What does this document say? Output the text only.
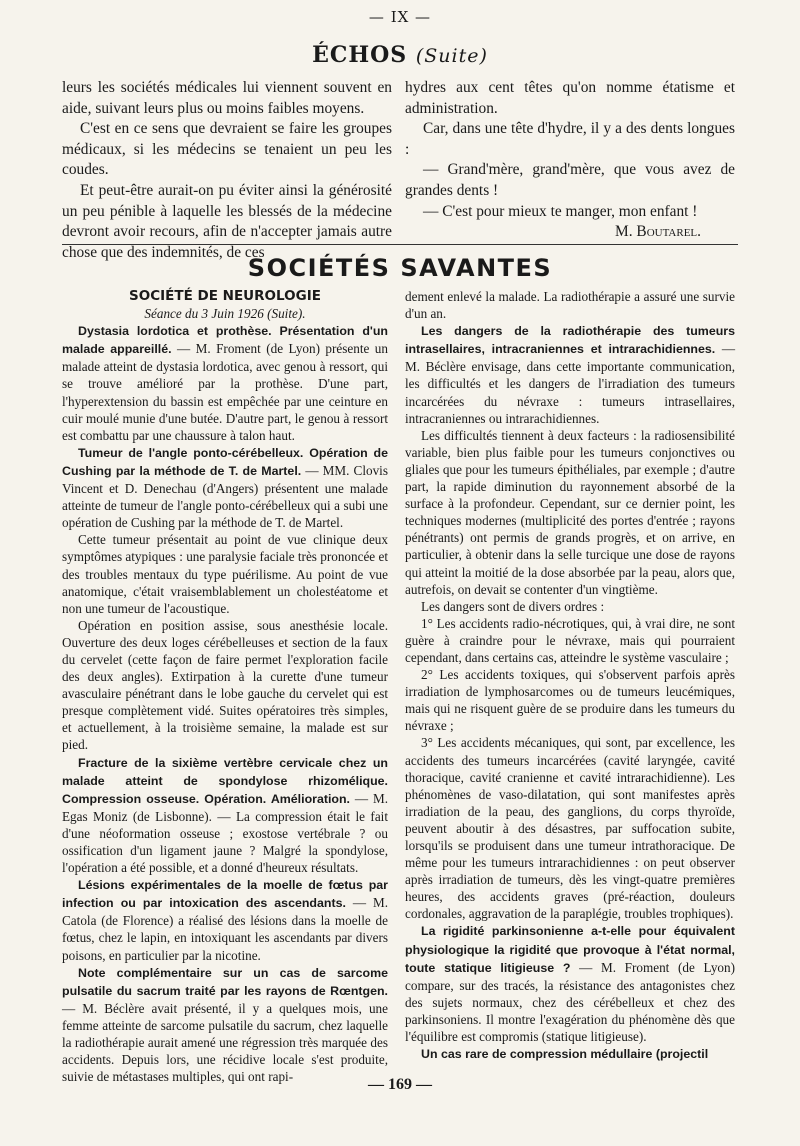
— IX —
ÉCHOS (Suite)

leurs les sociétés médicales lui viennent souvent en aide, suivant leurs plus ou moins faibles moyens.

C'est en ce sens que devraient se faire les groupes médicaux, si les médecins se tenaient un peu les coudes.

Et peut-être aurait-on pu éviter ainsi la générosité un peu pénible à laquelle les blessés de la médecine devront avoir recours, afin de n'accepter jamais autre chose que des indemnités, de ces

hydres aux cent têtes qu'on nomme étatisme et administration.

Car, dans une tête d'hydre, il y a des dents longues :

— Grand'mère, grand'mère, que vous avez de grandes dents !

— C'est pour mieux te manger, mon enfant !

M. Boutarel.

SOCIÉTÉS SAVANTES

SOCIÉTÉ DE NEUROLOGIE

Séance du 3 Juin 1926 (Suite).

Dystasia lordotica et prothèse. Présentation d'un malade appareillé. — M. Froment (de Lyon) présente un malade atteint de dystasia lordotica, avec genou à ressort, qui se trouve amélioré par la prothèse. D'une part, l'hyperextension du bassin est empêchée par une ceinture en cuir moulé munie d'une butée. D'autre part, le genou à ressort est combattu par une chaussure à talon haut.

Tumeur de l'angle ponto-cérébelleux. Opération de Cushing par la méthode de T. de Martel. — MM. Clovis Vincent et D. Denechau (d'Angers) présentent une malade atteinte de tumeur de l'angle ponto-cérébelleux qui a subi une opération de Cushing par la méthode de T. de Martel.

Cette tumeur présentait au point de vue clinique deux symptômes atypiques : une paralysie faciale très prononcée et des troubles mentaux du type puérilisme. Au point de vue anatomique, c'était vraisemblablement un cholestéatome et non une tumeur de l'acoustique.

Opération en position assise, sous anesthésie locale. Ouverture des deux loges cérébelleuses et section de la faux du cervelet (cette façon de faire permet l'exploration facile des deux angles). Extirpation à la curette d'une tumeur avasculaire pénétrant dans le lobe gauche du cervelet qui est presque complètement vidé. Suites opératoires très simples, et actuellement, à la troisième semaine, la malade est sur pied.

Fracture de la sixième vertèbre cervicale chez un malade atteint de spondylose rhizomélique. Compression osseuse. Opération. Amélioration. — M. Egas Moniz (de Lisbonne). — La compression était le fait d'une néoformation osseuse ; exostose vertébrale ? ou ossification d'un ligament jaune ? Malgré la spondylose, l'opération a été possible, et a donné d'heureux résultats.

Lésions expérimentales de la moelle de fœtus par infection ou par intoxication des ascendants. — M. Catola (de Florence) a réalisé des lésions dans la moelle de fœtus, chez le lapin, en intoxiquant les ascendants par divers poisons, en particulier par la nicotine.

Note complémentaire sur un cas de sarcome pulsatile du sacrum traité par les rayons de Rœntgen. — M. Béclère avait présenté, il y a quelques mois, une femme atteinte de sarcome pulsatile du sacrum, chez laquelle la radiothérapie aurait amené une régression très marquée des accidents. Depuis lors, une récidive locale s'est produite, suivie de métastases multiples, qui ont rapi-

dement enlevé la malade. La radiothérapie a assuré une survie d'un an.

Les dangers de la radiothérapie des tumeurs intrasellaires, intracraniennes et intrarachidiennes. — M. Béclère envisage, dans cette importante communication, les difficultés et les dangers de l'irradiation des tumeurs incarcérées du névraxe : tumeurs intrasellaires, intracraniennes ou intrarachidiennes.

Les difficultés tiennent à deux facteurs : la radiosensibilité variable, bien plus faible pour les tumeurs conjonctives ou gliales que pour les tumeurs épithéliales, par exemple ; d'autre part, la rapide diminution du rayonnement absorbé de la surface à la profondeur. Cependant, sur ce dernier point, les techniques modernes (multiplicité des portes d'entrée ; rayons pénétrants) ont permis de grands progrès, et on arrive, en particulier, à obtenir dans la selle turcique une dose de rayons qui atteint la moitié de la dose absorbée par la peau, alors que, autrefois, on devait se contenter d'un vingtième.

Les dangers sont de divers ordres :

1° Les accidents radio-nécrotiques, qui, à vrai dire, ne sont guère à craindre pour le névraxe, mais qui pourraient cependant, dans certains cas, atteindre le système vasculaire ;

2° Les accidents toxiques, qui s'observent parfois après irradiation de lymphosarcomes ou de tumeurs leucémiques, mais qui ne risquent guère de se produire dans les tumeurs du névraxe ;

3° Les accidents mécaniques, qui sont, par excellence, les accidents des tumeurs incarcérées (cavité laryngée, cavité thoracique, cavité cranienne et cavité intrarachidienne). Les phénomènes de vaso-dilatation, qui sont manifestes après irradiation de la peau, des ganglions, du corps thyroïde, peuvent aboutir à des désastres, par suffocation subite, lorsqu'ils se produisent dans une tumeur intrathoracique. De même pour les tumeurs intrarachidiennes : on peut observer après irradiation de tumeurs, dès les vingt-quatre premières heures, des accidents graves (pré-réaction, douleurs cordonales, aggravation de la paraplégie, troubles trophiques).

La rigidité parkinsonienne a-t-elle pour équivalent physiologique la rigidité que provoque à l'état normal, toute statique litigieuse ? — M. Froment (de Lyon) compare, sur des tracés, la résistance des antagonistes chez des sujets normaux, chez des cérébelleux et chez des parkinsoniens. Il montre l'exagération du phénomène dès que l'équilibre est compromis (statique litigieuse).

Un cas rare de compression médullaire (projectil

— 169 —
